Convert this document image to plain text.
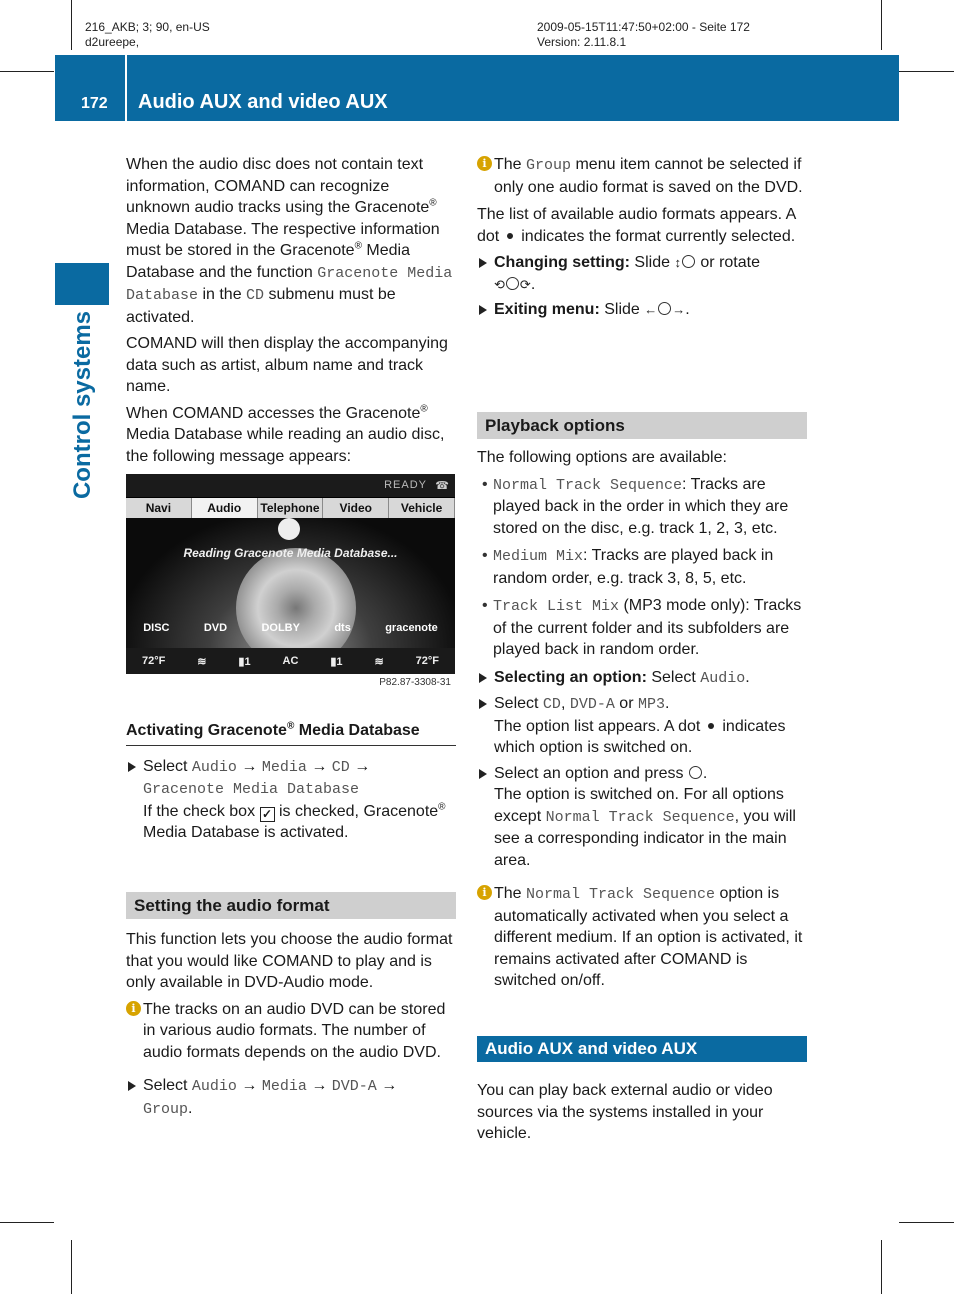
216_AKB; 3; 90, en-US
d2ureepe,
2009-05-15T11:47:50+02:00 - Seite 172
Version: 2.11.8.1
172 Audio AUX and video AUX
Control systems

When the audio disc does not contain text information, COMAND can recognize unknown audio tracks using the Gracenote® Media Database. The respective information must be stored in the Gracenote® Media Database and the function Gracenote Media Database in the CD submenu must be activated.

COMAND will then display the accompanying data such as artist, album name and track name.

When COMAND accesses the Gracenote® Media Database while reading an audio disc, the following message appears:

READY ☎
Navi	Audio	Telephone	Video	Vehicle
Reading Gracenote Media Database...
DISC	DVD	DOLBY	dts	gracenote
72°F	≋	▮1	AC	▮1	≋	72°F
P82.87-3308-31
Activating Gracenote® Media Database
Select Audio → Media → CD →
Gracenote Media Database
If the check box ✓ is checked, Gracenote® Media Database is activated.
Setting the audio format

This function lets you choose the audio format that you would like COMAND to play and is only available in DVD-Audio mode.

i The tracks on an audio DVD can be stored in various audio formats. The number of audio formats depends on the audio DVD.
Select Audio → Media → DVD-A →
Group.
i The Group menu item cannot be selected if only one audio format is saved on the DVD.

The list of available audio formats appears. A dot indicates the format currently selected.

Changing setting: Slide ↕ or rotate
⟲ ⟳.
Exiting menu: Slide ← →.
Playback options

The following options are available:

• Normal Track Sequence: Tracks are played back in the order in which they are stored on the disc, e.g. track 1, 2, 3, etc.
• Medium Mix: Tracks are played back in random order, e.g. track 3, 8, 5, etc.
• Track List Mix (MP3 mode only): Tracks of the current folder and its subfolders are played back in random order.
Selecting an option: Select Audio.
Select CD, DVD-A or MP3.
The option list appears. A dot indicates which option is switched on.
Select an option and press .
The option is switched on. For all options except Normal Track Sequence, you will see a corresponding indicator in the main area.
i The Normal Track Sequence option is automatically activated when you select a different medium. If an option is activated, it remains activated after COMAND is switched on/off.
Audio AUX and video AUX

You can play back external audio or video sources via the systems installed in your vehicle.
